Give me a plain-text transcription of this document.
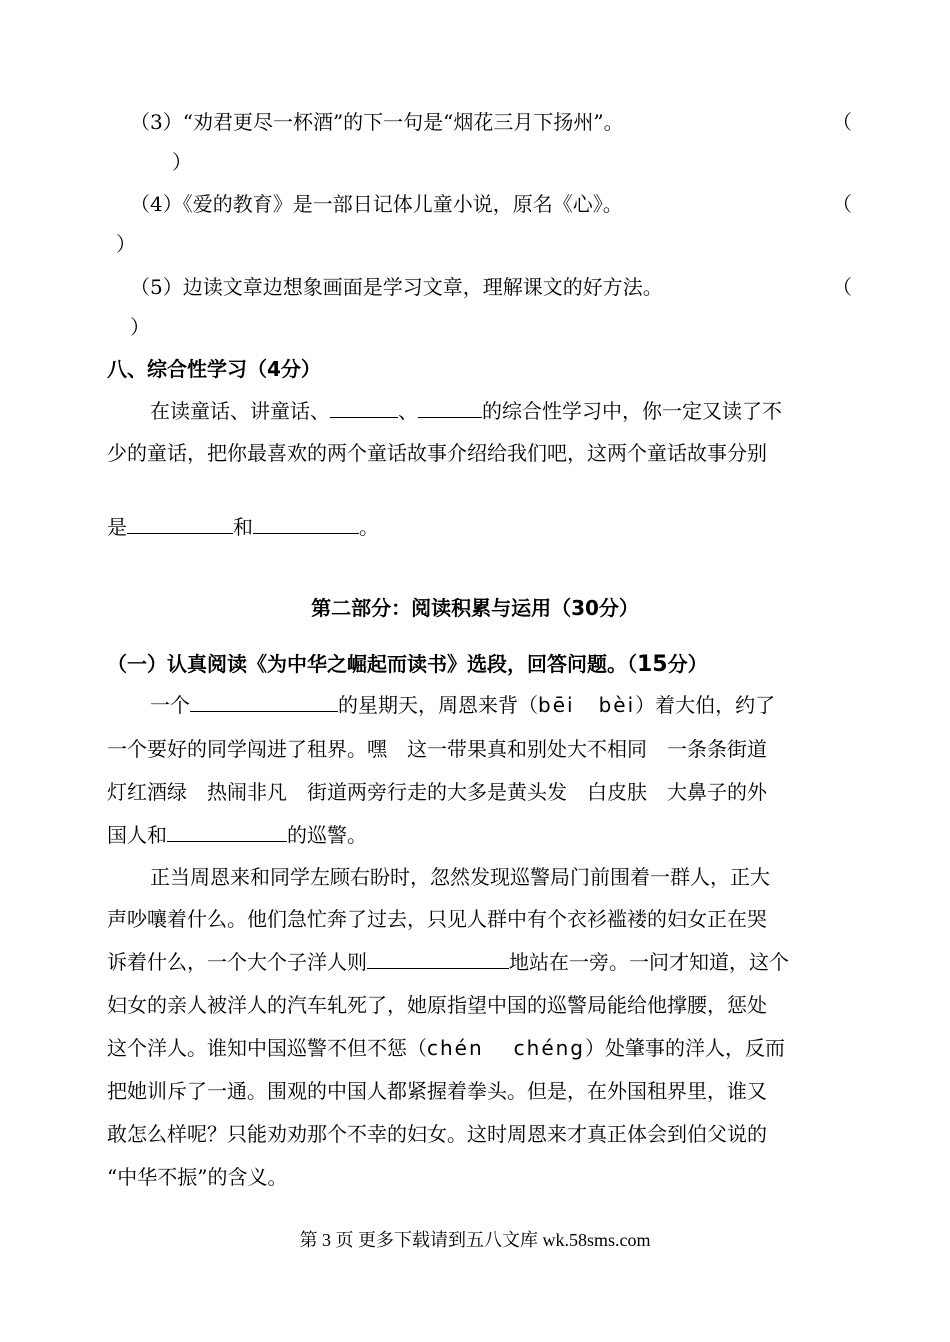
（3）“劝君更尽一杯酒”的下一句是“烟花三月下扬州”。	（
）
（4）《爱的教育》是一部日记体儿童小说，原名《心》。	（
）
（5）边读文章边想象画面是学习文章，理解课文的好方法。	（
）
八、综合性学习（4分）
在读童话、讲童话、	、	的综合性学习中，你一定又读了不
少的童话，把你最喜欢的两个童话故事介绍给我们吧，这两个童话故事分别
是	和	。
第二部分：阅读积累与运用（30分）
（一）认真阅读《为中华之崛起而读书》选段，回答问题。（15分）
一个	的星期天，周恩来背（bēi bèi）着大伯，约了
一个要好的同学闯进了租界。嘿　这一带果真和别处大不相同　一条条街道
灯红酒绿　热闹非凡　街道两旁行走的大多是黄头发　白皮肤　大鼻子的外
国人和	的巡警。
正当周恩来和同学左顾右盼时，忽然发现巡警局门前围着一群人，正大
声吵嚷着什么。他们急忙奔了过去，只见人群中有个衣衫褴褛的妇女正在哭
诉着什么，一个大个子洋人则	地站在一旁。一问才知道，这个
妇女的亲人被洋人的汽车轧死了，她原指望中国的巡警局能给他撑腰，惩处
这个洋人。谁知中国巡警不但不惩（chén chéng）处肇事的洋人，反而
把她训斥了一通。围观的中国人都紧握着拳头。但是，在外国租界里，谁又
敢怎么样呢？只能劝劝那个不幸的妇女。这时周恩来才真正体会到伯父说的
“中华不振”的含义。
第 3 页 更多下载请到五八文库 wk.58sms.com
